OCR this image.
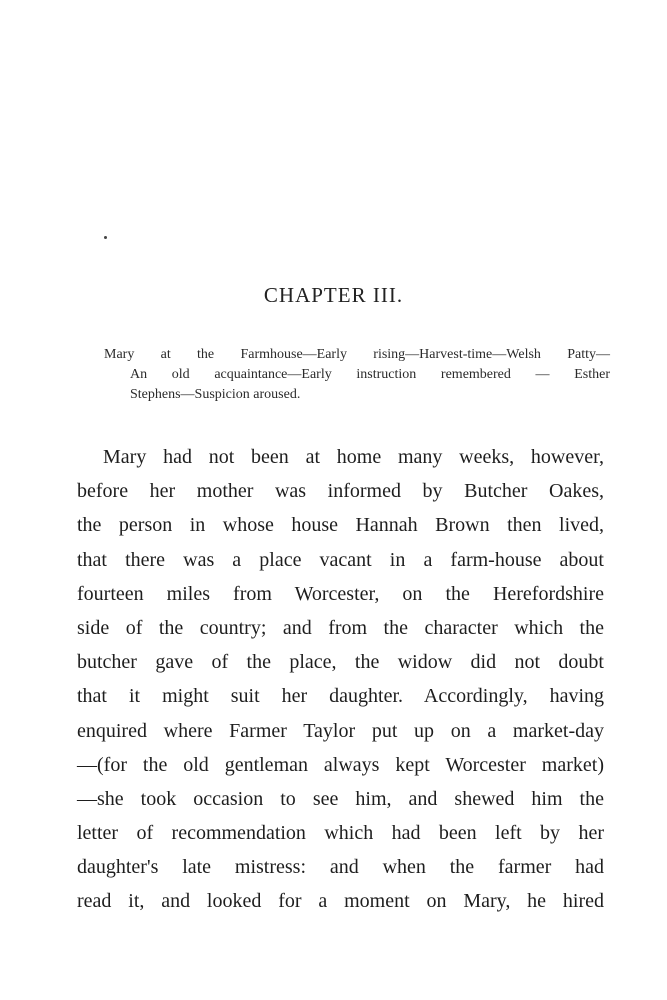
CHAPTER III.
Mary at the Farmhouse—Early rising—Harvest-time—Welsh Patty—
An old acquaintance—Early instruction remembered — Esther
Stephens—Suspicion aroused.
Mary had not been at home many weeks, however,
before her mother was informed by Butcher Oakes,
the person in whose house Hannah Brown then lived,
that there was a place vacant in a farm-house about
fourteen miles from Worcester, on the Herefordshire
side of the country; and from the character which the
butcher gave of the place, the widow did not doubt
that it might suit her daughter. Accordingly, having
enquired where Farmer Taylor put up on a market-day
—(for the old gentleman always kept Worcester market)
—she took occasion to see him, and shewed him the
letter of recommendation which had been left by her
daughter's late mistress: and when the farmer had
read it, and looked for a moment on Mary, he hired
